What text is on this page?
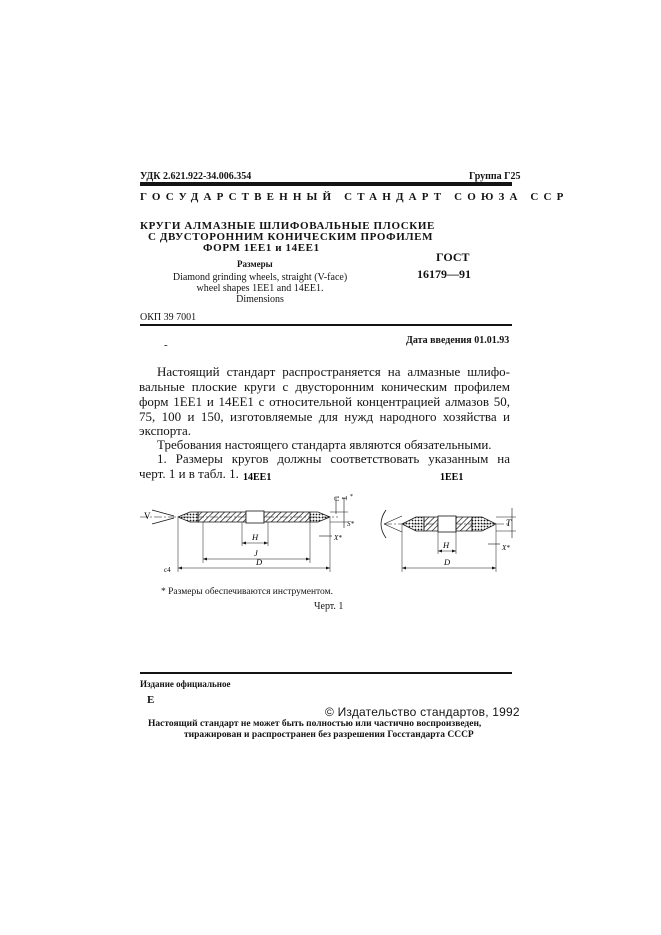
УДК 2.621.922-34.006.354	Группа Г25
ГОСУДАРСТВЕННЫЙ СТАНДАРТ СОЮЗА ССР
КРУГИ АЛМАЗНЫЕ ШЛИФОВАЛЬНЫЕ ПЛОСКИЕ
С ДВУСТОРОННИМ КОНИЧЕСКИМ ПРОФИЛЕМ
ФОРМ 1EE1 и 14EE1
Размеры
Diamond grinding wheels, straight (V-face)
wheel shapes 1EE1 and 14EE1.
Dimensions
ГОСТ
16179—91
ОКП 39 7001
Дата введения 01.01.93
-
Настоящий стандарт распространяется на алмазные шлифо-
вальные плоские круги с двусторонним коническим профилем
форм 1EE1 и 14EE1 с относительной концентрацией алмазов 50,
75, 100 и 150, изготовляемые для нужд народного хозяйства и
экспорта.
Требования настоящего стандарта являются обязательными.
1. Размеры кругов должны соответствовать указанным на
черт. 1 и в табл. 1. 14EE1	1EE1
V
H
J
D
c4
T
U *
X*
S*
H
D
T
X*
* Размеры обеспечиваются инструментом.
Черт. 1
Издание официальное
Е
© Издательство стандартов, 1992
Настоящий стандарт не может быть полностью или частично воспроизведен,
тиражирован и распространен без разрешения Госстандарта СССР
